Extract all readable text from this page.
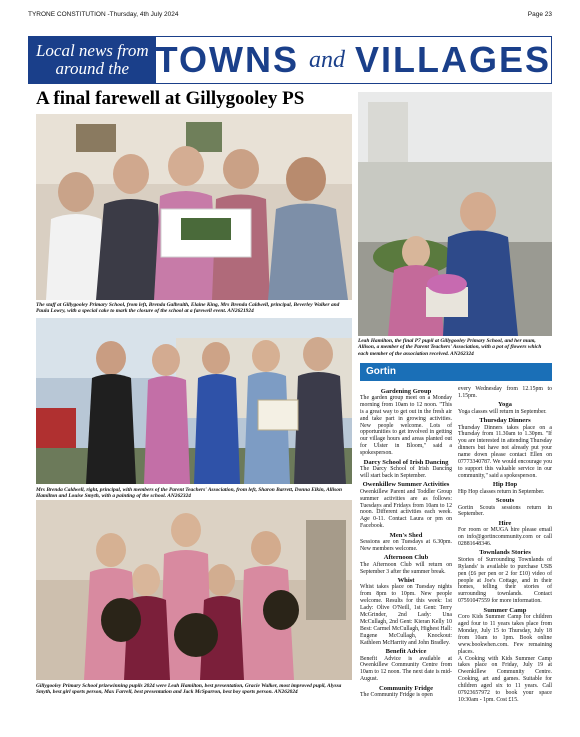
TYRONE CONSTITUTION -Thursday, 4th July 2024	Page 23
Local news from
around the TOWNS and VILLAGES
A final farewell at Gillygooley PS
The staff at Gillygooley Primary School, from left, Brenda Galbraith, Elaine King, Mrs Brenda Caldwell, principal, Beverley Walker and Paula Lowry, with a special cake to mark the closure of the school at a farewell event. AN2621924
Leah Hamilton, the final P7 pupil at Gillygooley Primary School, and her mum, Allison, a member of the Parent Teachers' Association, with a pot of flowers which each member of the association received. AN262324
Mrs Brenda Caldwell, right, principal, with members of the Parent Teachers' Association, from left, Sharon Barrett, Donna Elkin, Allison Hamilton and Louise Smyth, with a painting of the school. AN262324
Gillygooley Primary School prizewinning pupils 2024 were Leah Hamilton, best presentation, Gracie Walker, most improved pupil, Alyssa Smyth, best girl sports person, Max Farrell, best presentation and Jack McSparron, best boy sports person. AN262024
Gortin
Gardening Group

The garden group meet on a Monday morning from 10am to 12 noon. "This is a great way to get out in the fresh air and take part in growing activities. New people welcome. Lots of opportunities to get involved in getting our village hours and areas planted out for Ulster in Bloom," said a spokesperson.

Darcy School of Irish Dancing

The Darcy School of Irish Dancing will start back in September.

Owenkillew Summer Activities

Owenkillew Parent and Toddler Group summer activities are as follows: Tuesdays and Fridays from 10am to 12 noon. Different activities each week. Age 0-11. Contact Laura or pm on Facebook.

Men's Shed

Sessions are on Tuesdays at 6.30pm. New members welcome.

Afternoon Club

The Afternoon Club will return on September 3 after the summer break.

Whist

Whist takes place on Tuesday nights from 8pm to 10pm. New people welcome. Results for this week: 1st Lady: Olive O'Neill, 1st Gent: Terry McGrinder, 2nd Lady: Una McCullagh, 2nd Gent: Kieran Kelly 10 Best: Carmel McCullagh, Highest Hall: Eugene McCullagh, Knockout: Kathleen McHarrity and John Bradley.

Benefit Advice

Benefit Advice is available at Owenkillew Community Centre from 10am to 12 noon. The next date is mid-August.

Community Fridge

The Community Fridge is open

every Wednesday from 12.15pm to 1.15pm.

Yoga

Yoga classes will return in September.

Thursday Dinners

Thursday Dinners takes place on a Thursday from 11.30am to 1.30pm. "If you are interested in attending Thursday dinners but have not already put your name down please contact Ellen on 07773340787. We would encourage you to support this valuable service in our community," said a spokesperson.

Hip Hop

Hip Hop classes return in September.

Scouts

Gortin Scouts sessions return in September.

Hire

For room or MUGA hire please email on info@gortincommunity.com or call 02881648346.

Townlands Stories

Stories of Surrounding Townlands of Rylands' is available to purchase USB pen (£6 per pen or 2 for £10) video of people at Joe's Cottage, and in their homes, telling their stories of surrounding townlands. Contact 07591047559 for more information.

Summer Camp

Coro Kids Summer Camp for children aged four to 11 years takes place from Monday, July 15 to Thursday, July 18 from 10am to 1pm. Book online www.bookwhen.com. Few remaining places.

A Cooking with Kids Summer Camp takes place on Friday, July 19 at Owenkillew Community Centre. Cooking, art and games. Suitable for children aged six to 11 years. Call 07923657972 to book your space 10:30am - 1pm. Cost £15.
